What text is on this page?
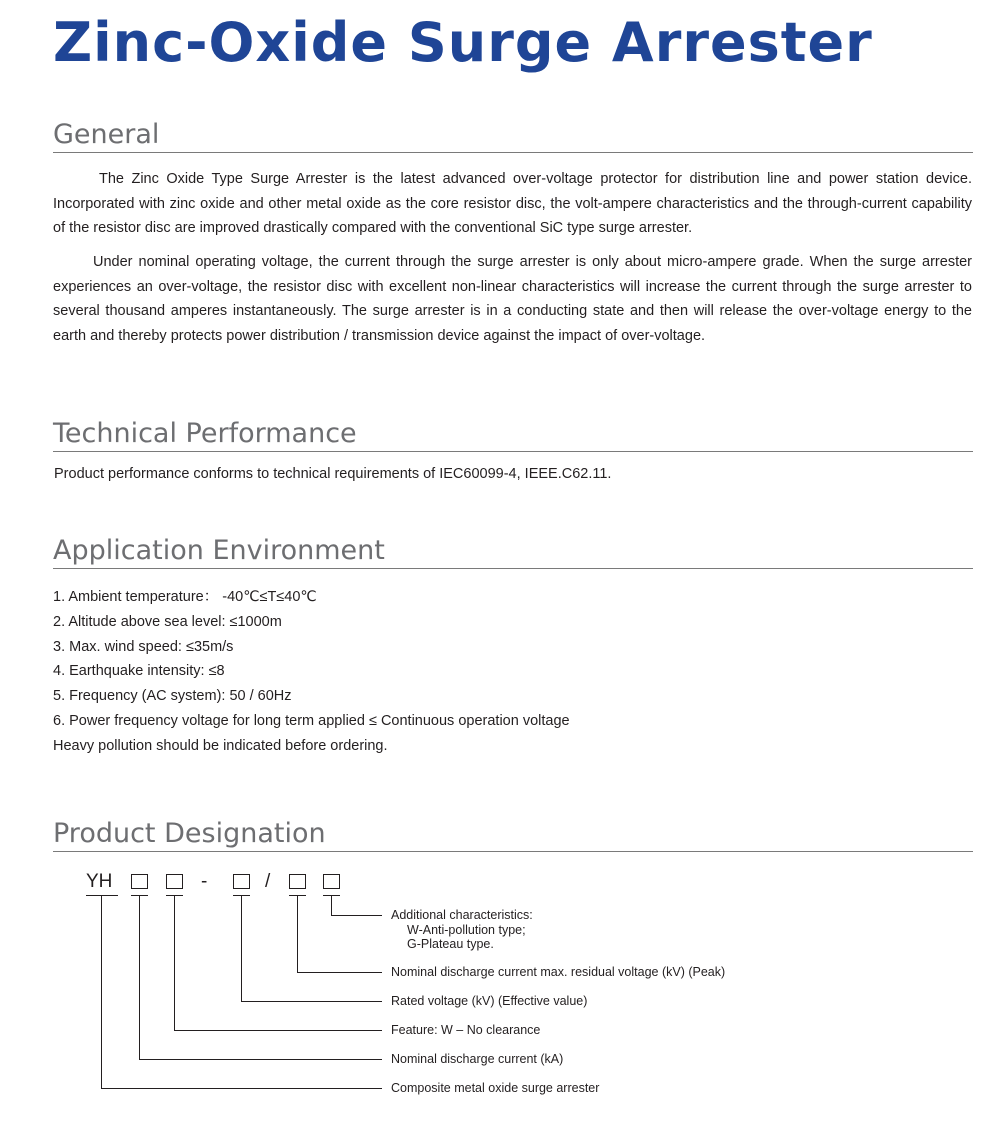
Zinc-Oxide Surge Arrester
General

The Zinc Oxide Type Surge Arrester is the latest advanced over-voltage protector for distribution line and power station device. Incorporated with zinc oxide and other metal oxide as the core resistor disc, the volt-ampere characteristics and the through-current capability of the resistor disc are improved drastically compared with the conventional SiC type surge arrester.

Under nominal operating voltage, the current through the surge arrester is only about micro-ampere grade. When the surge arrester experiences an over-voltage, the resistor disc with excellent non-linear characteristics will increase the current through the surge arrester to several thousand amperes instantaneously. The surge arrester is in a conducting state and then will release the over-voltage energy to the earth and thereby protects power distribution / transmission device against the impact of over-voltage.

Technical Performance

Product performance conforms to technical requirements of IEC60099-4, IEEE.C62.11.

Application Environment
1. Ambient temperature： -40℃≤T≤40℃
2. Altitude above sea level: ≤1000m
3. Max. wind speed: ≤35m/s
4. Earthquake intensity: ≤8
5. Frequency (AC system): 50 / 60Hz
6. Power frequency voltage for long term applied ≤ Continuous operation voltage
Heavy pollution should be indicated before ordering.
Product Designation
YH	-	/

Additional characteristics:

W-Anti-pollution type;

G-Plateau type.

Nominal discharge current max. residual voltage (kV) (Peak)

Rated voltage (kV) (Effective value)

Feature: W – No clearance

Nominal discharge current (kA)

Composite metal oxide surge arrester
